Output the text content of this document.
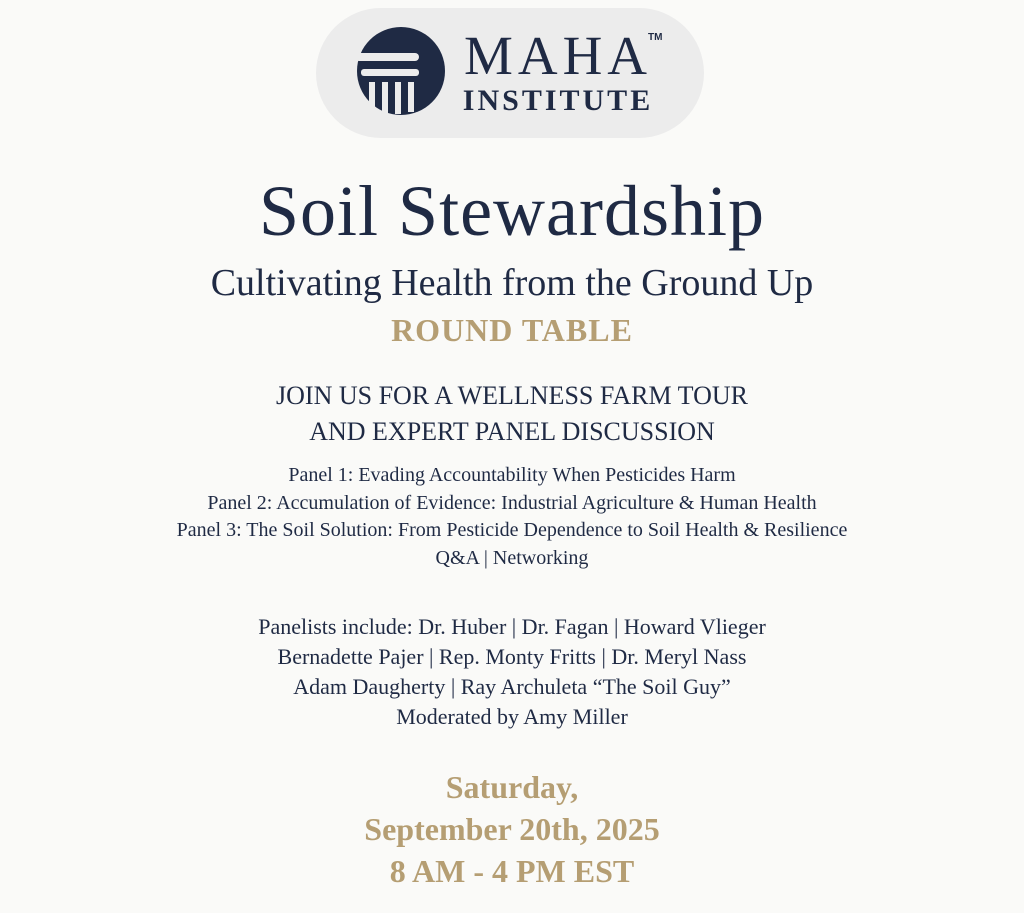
MAHA
TM
INSTITUTE
Soil Stewardship
Cultivating Health from the Ground Up
ROUND TABLE
JOIN US FOR A WELLNESS FARM TOUR
AND EXPERT PANEL DISCUSSION
Panel 1: Evading Accountability When Pesticides Harm
Panel 2: Accumulation of Evidence: Industrial Agriculture & Human Health
Panel 3: The Soil Solution: From Pesticide Dependence to Soil Health & Resilience
Q&A | Networking
Panelists include: Dr. Huber | Dr. Fagan | Howard Vlieger
Bernadette Pajer | Rep. Monty Fritts | Dr. Meryl Nass
Adam Daugherty | Ray Archuleta “The Soil Guy”
Moderated by Amy Miller
Saturday,
September 20th, 2025
8 AM - 4 PM EST
